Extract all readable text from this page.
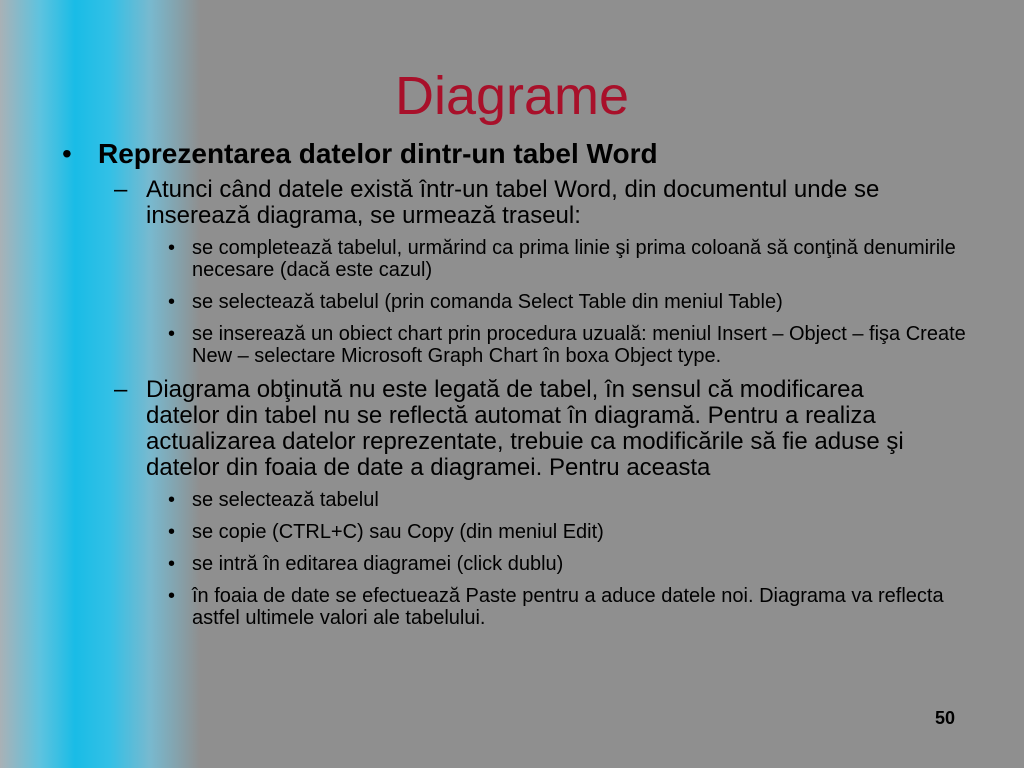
Diagrame
• Reprezentarea datelor dintr-un tabel Word
– Atunci când datele există într-un tabel Word, din documentul unde se inserează diagrama, se urmează traseul:
• se completează tabelul, urmărind ca prima linie şi prima coloană să conţină denumirile necesare (dacă este cazul)
• se selectează tabelul (prin comanda Select Table din meniul Table)
• se inserează un obiect chart prin procedura uzuală: meniul Insert – Object – fişa Create New – selectare Microsoft Graph Chart în boxa Object type.
– Diagrama obţinută nu este legată de tabel, în sensul că modificarea datelor din tabel nu se reflectă automat în diagramă. Pentru a realiza actualizarea datelor reprezentate, trebuie ca modificările să fie aduse şi datelor din foaia de date a diagramei. Pentru aceasta
• se selectează tabelul
• se copie (CTRL+C) sau Copy (din meniul Edit)
• se intră în editarea diagramei (click dublu)
• în foaia de date se efectuează Paste pentru a aduce datele noi. Diagrama va reflecta astfel ultimele valori ale tabelului.
50
